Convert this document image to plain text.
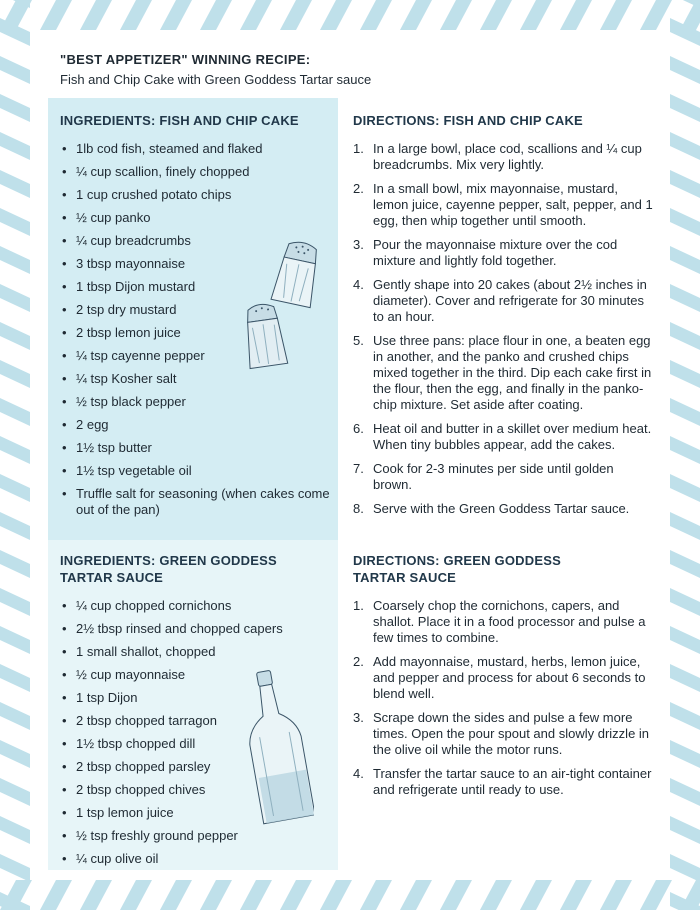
"BEST APPETIZER" WINNING RECIPE:
Fish and Chip Cake with Green Goddess Tartar sauce
INGREDIENTS: FISH AND CHIP CAKE
• 1lb cod fish, steamed and flaked
• ¼ cup scallion, finely chopped
• 1 cup crushed potato chips
• ½ cup panko
• ¼ cup breadcrumbs
• 3 tbsp mayonnaise
• 1 tbsp Dijon mustard
• 2 tsp dry mustard
• 2 tbsp lemon juice
• ¼ tsp cayenne pepper
• ¼ tsp Kosher salt
• ½ tsp black pepper
• 2 egg
• 1½ tsp butter
• 1½ tsp vegetable oil
• Truffle salt for seasoning (when cakes come out of the pan)
INGREDIENTS: GREEN GODDESS
TARTAR SAUCE
• ¼ cup chopped cornichons
• 2½ tbsp rinsed and chopped capers
• 1 small shallot, chopped
• ½ cup mayonnaise
• 1 tsp Dijon
• 2 tbsp chopped tarragon
• 1½ tbsp chopped dill
• 2 tbsp chopped parsley
• 2 tbsp chopped chives
• 1 tsp lemon juice
• ½ tsp freshly ground pepper
• ¼ cup olive oil
DIRECTIONS: FISH AND CHIP CAKE
1. In a large bowl, place cod, scallions and ¼ cup breadcrumbs. Mix very lightly.
2. In a small bowl, mix mayonnaise, mustard, lemon juice, cayenne pepper, salt, pepper, and 1 egg, then whip together until smooth.
3. Pour the mayonnaise mixture over the cod mixture and lightly fold together.
4. Gently shape into 20 cakes (about 2½ inches in diameter). Cover and refrigerate for 30 minutes to an hour.
5. Use three pans: place flour in one, a beaten egg in another, and the panko and crushed chips mixed together in the third. Dip each cake first in the flour, then the egg, and finally in the panko-chip mixture. Set aside after coating.
6. Heat oil and butter in a skillet over medium heat. When tiny bubbles appear, add the cakes.
7. Cook for 2-3 minutes per side until golden brown.
8. Serve with the Green Goddess Tartar sauce.
DIRECTIONS: GREEN GODDESS
TARTAR SAUCE
1. Coarsely chop the cornichons, capers, and shallot. Place it in a food processor and pulse a few times to combine.
2. Add mayonnaise, mustard, herbs, lemon juice, and pepper and process for about 6 seconds to blend well.
3. Scrape down the sides and pulse a few more times. Open the pour spout and slowly drizzle in the olive oil while the motor runs.
4. Transfer the tartar sauce to an air-tight container and refrigerate until ready to use.
